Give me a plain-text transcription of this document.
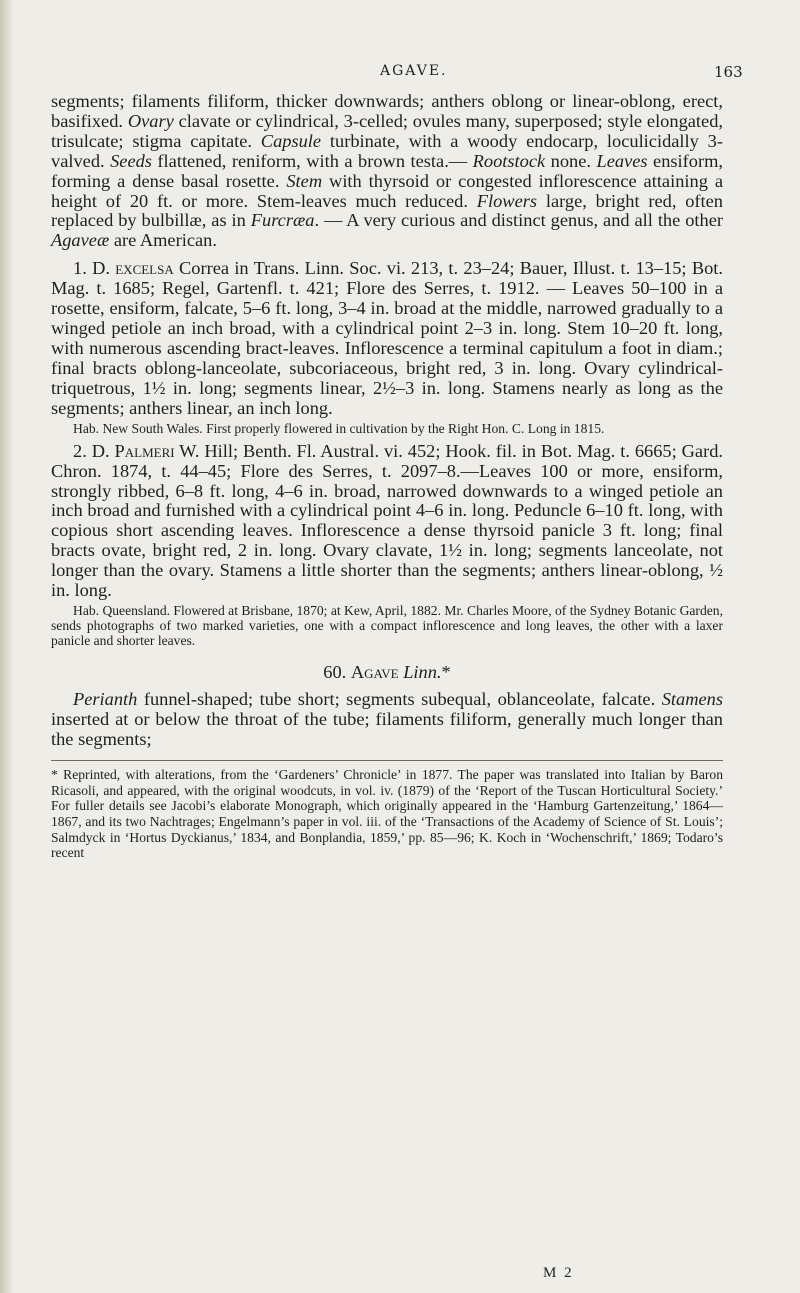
AGAVE.	163

segments; filaments filiform, thicker downwards; anthers oblong or linear-oblong, erect, basifixed. Ovary clavate or cylindrical, 3-celled; ovules many, superposed; style elongated, trisulcate; stigma capitate. Capsule turbinate, with a woody endocarp, loculicidally 3-valved. Seeds flattened, reniform, with a brown testa.— Rootstock none. Leaves ensiform, forming a dense basal rosette. Stem with thyrsoid or congested inflorescence attaining a height of 20 ft. or more. Stem-leaves much reduced. Flowers large, bright red, often replaced by bulbillæ, as in Furcræa. — A very curious and distinct genus, and all the other Agaveæ are American.

1. D. excelsa Correa in Trans. Linn. Soc. vi. 213, t. 23–24; Bauer, Illust. t. 13–15; Bot. Mag. t. 1685; Regel, Gartenfl. t. 421; Flore des Serres, t. 1912. — Leaves 50–100 in a rosette, ensiform, falcate, 5–6 ft. long, 3–4 in. broad at the middle, narrowed gradually to a winged petiole an inch broad, with a cylindrical point 2–3 in. long. Stem 10–20 ft. long, with numerous ascending bract-leaves. Inflorescence a terminal capitulum a foot in diam.; final bracts oblong-lanceolate, subcoriaceous, bright red, 3 in. long. Ovary cylindrical-triquetrous, 1½ in. long; segments linear, 2½–3 in. long. Stamens nearly as long as the segments; anthers linear, an inch long.

Hab. New South Wales. First properly flowered in cultivation by the Right Hon. C. Long in 1815.

2. D. Palmeri W. Hill; Benth. Fl. Austral. vi. 452; Hook. fil. in Bot. Mag. t. 6665; Gard. Chron. 1874, t. 44–45; Flore des Serres, t. 2097–8.—Leaves 100 or more, ensiform, strongly ribbed, 6–8 ft. long, 4–6 in. broad, narrowed downwards to a winged petiole an inch broad and furnished with a cylindrical point 4–6 in. long. Peduncle 6–10 ft. long, with copious short ascending leaves. Inflorescence a dense thyrsoid panicle 3 ft. long; final bracts ovate, bright red, 2 in. long. Ovary clavate, 1½ in. long; segments lanceolate, not longer than the ovary. Stamens a little shorter than the segments; anthers linear-oblong, ½ in. long.

Hab. Queensland. Flowered at Brisbane, 1870; at Kew, April, 1882. Mr. Charles Moore, of the Sydney Botanic Garden, sends photographs of two marked varieties, one with a compact inflorescence and long leaves, the other with a laxer panicle and shorter leaves.

60. Agave Linn.*

Perianth funnel-shaped; tube short; segments subequal, oblanceolate, falcate. Stamens inserted at or below the throat of the tube; filaments filiform, generally much longer than the segments;

* Reprinted, with alterations, from the ‘Gardeners’ Chronicle’ in 1877. The paper was translated into Italian by Baron Ricasoli, and appeared, with the original woodcuts, in vol. iv. (1879) of the ‘Report of the Tuscan Horticultural Society.’ For fuller details see Jacobi’s elaborate Monograph, which originally appeared in the ‘Hamburg Gartenzeitung,’ 1864—1867, and its two Nachtrages; Engelmann’s paper in vol. iii. of the ‘Transactions of the Academy of Science of St. Louis’; Salmdyck in ‘Hortus Dyckianus,’ 1834, and Bonplandia, 1859,’ pp. 85—96; K. Koch in ‘Wochenschrift,’ 1869; Todaro’s recent

M 2
